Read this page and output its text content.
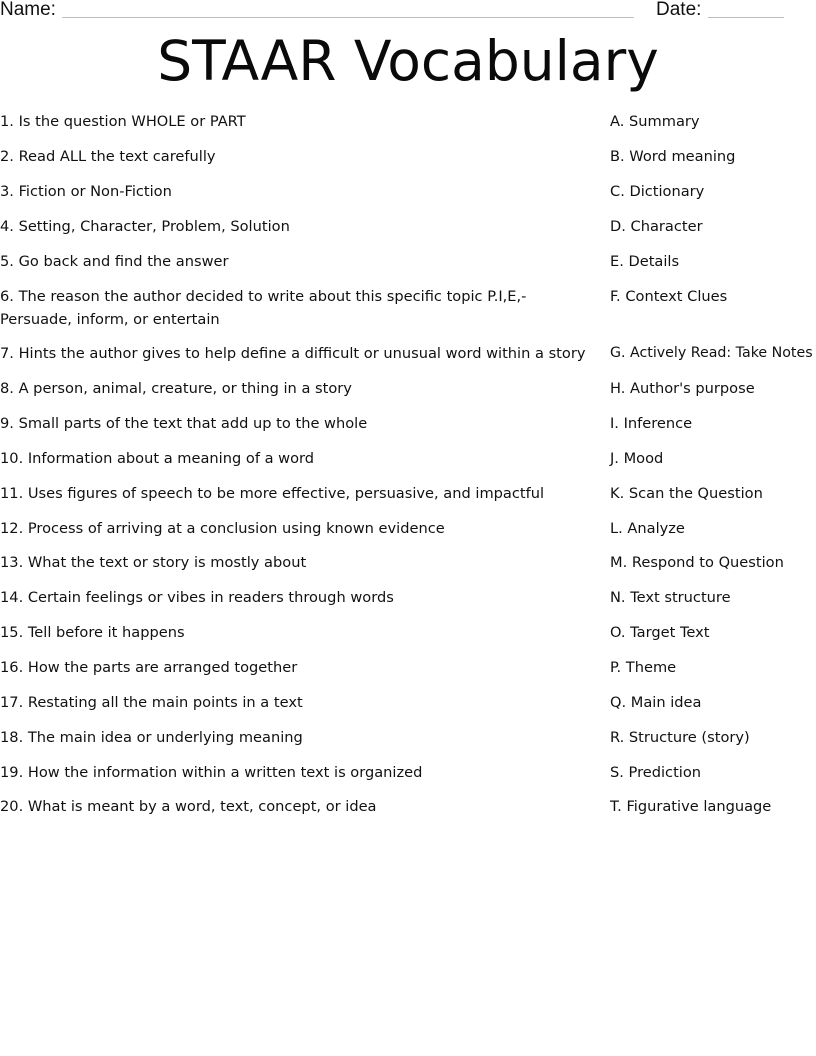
Name:	Date:
STAAR Vocabulary
1. Is the question WHOLE or PART
2. Read ALL the text carefully
3. Fiction or Non-Fiction
4. Setting, Character, Problem, Solution
5. Go back and find the answer
6. The reason the author decided to write about this specific topic P.I,E,- Persuade, inform, or entertain
7. Hints the author gives to help define a difficult or unusual word within a story
8. A person, animal, creature, or thing in a story
9. Small parts of the text that add up to the whole
10. Information about a meaning of a word
11. Uses figures of speech to be more effective, persuasive, and impactful
12. Process of arriving at a conclusion using known evidence
13. What the text or story is mostly about
14. Certain feelings or vibes in readers through words
15. Tell before it happens
16. How the parts are arranged together
17. Restating all the main points in a text
18. The main idea or underlying meaning
19. How the information within a written text is organized
20. What is meant by a word, text, concept, or idea
A. Summary
B. Word meaning
C. Dictionary
D. Character
E. Details
F. Context Clues
G. Actively Read: Take Notes
H. Author's purpose
I. Inference
J. Mood
K. Scan the Question
L. Analyze
M. Respond to Question
N. Text structure
O. Target Text
P. Theme
Q. Main idea
R. Structure (story)
S. Prediction
T. Figurative language
